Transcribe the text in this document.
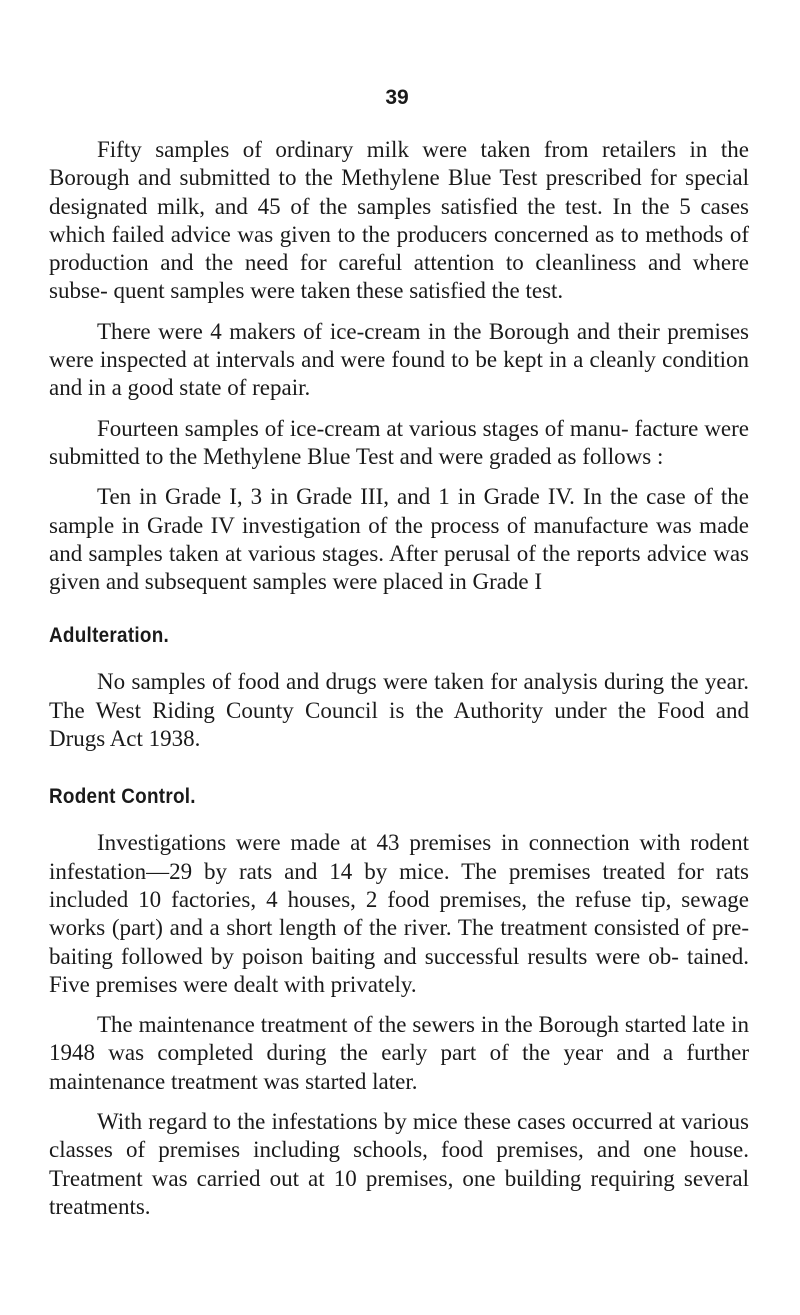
39

Fifty samples of ordinary milk were taken from retailers in the Borough and submitted to the Methylene Blue Test prescribed for special designated milk, and 45 of the samples satisfied the test. In the 5 cases which failed advice was given to the producers concerned as to methods of production and the need for careful attention to cleanliness and where subse- quent samples were taken these satisfied the test.

There were 4 makers of ice-cream in the Borough and their premises were inspected at intervals and were found to be kept in a cleanly condition and in a good state of repair.

Fourteen samples of ice-cream at various stages of manu- facture were submitted to the Methylene Blue Test and were graded as follows :

Ten in Grade I, 3 in Grade III, and 1 in Grade IV. In the case of the sample in Grade IV investigation of the process of manufacture was made and samples taken at various stages. After perusal of the reports advice was given and subsequent samples were placed in Grade I

Adulteration.

No samples of food and drugs were taken for analysis during the year. The West Riding County Council is the Authority under the Food and Drugs Act 1938.

Rodent Control.

Investigations were made at 43 premises in connection with rodent infestation—29 by rats and 14 by mice. The premises treated for rats included 10 factories, 4 houses, 2 food premises, the refuse tip, sewage works (part) and a short length of the river. The treatment consisted of pre-baiting followed by poison baiting and successful results were ob- tained. Five premises were dealt with privately.

The maintenance treatment of the sewers in the Borough started late in 1948 was completed during the early part of the year and a further maintenance treatment was started later.

With regard to the infestations by mice these cases occurred at various classes of premises including schools, food premises, and one house. Treatment was carried out at 10 premises, one building requiring several treatments.
